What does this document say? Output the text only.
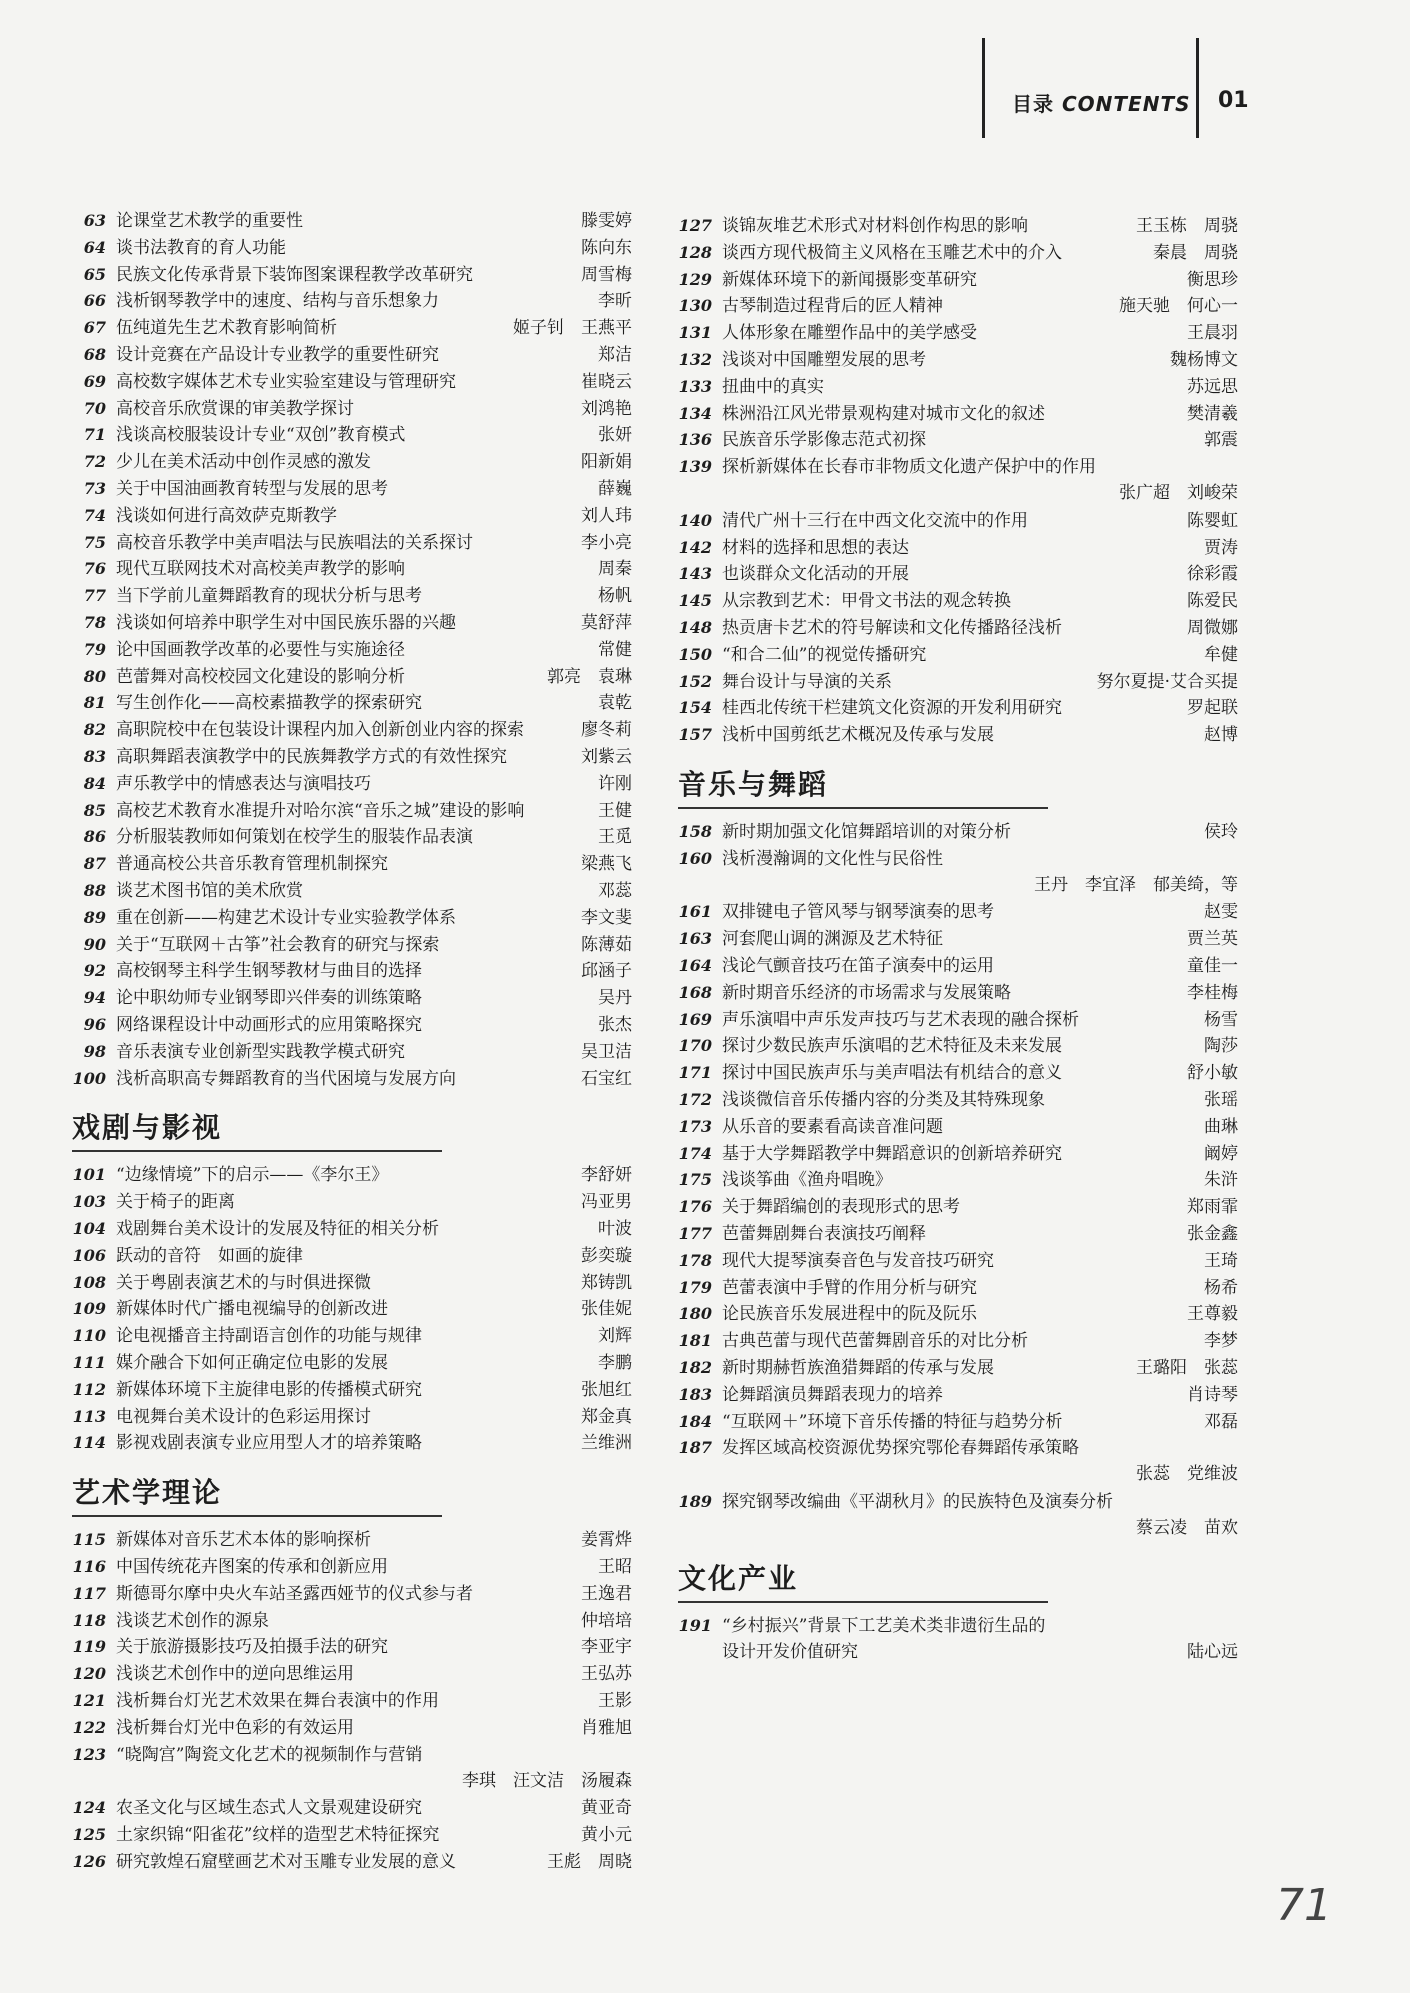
目录 CONTENTS 01
63 论课堂艺术教学的重要性	滕雯婷
64 谈书法教育的育人功能	陈向东
65 民族文化传承背景下装饰图案课程教学改革研究	周雪梅
66 浅析钢琴教学中的速度、结构与音乐想象力	李昕
67 伍纯道先生艺术教育影响简析	姬子钊　王燕平
68 设计竞赛在产品设计专业教学的重要性研究	郑洁
69 高校数字媒体艺术专业实验室建设与管理研究	崔晓云
70 高校音乐欣赏课的审美教学探讨	刘鸿艳
71 浅谈高校服装设计专业“双创”教育模式	张妍
72 少儿在美术活动中创作灵感的激发	阳新娟
73 关于中国油画教育转型与发展的思考	薛巍
74 浅谈如何进行高效萨克斯教学	刘人玮
75 高校音乐教学中美声唱法与民族唱法的关系探讨	李小亮
76 现代互联网技术对高校美声教学的影响	周秦
77 当下学前儿童舞蹈教育的现状分析与思考	杨帆
78 浅谈如何培养中职学生对中国民族乐器的兴趣	莫舒萍
79 论中国画教学改革的必要性与实施途径	常健
80 芭蕾舞对高校校园文化建设的影响分析	郭亮　袁琳
81 写生创作化——高校素描教学的探索研究	袁乾
82 高职院校中在包装设计课程内加入创新创业内容的探索	廖冬莉
83 高职舞蹈表演教学中的民族舞教学方式的有效性探究	刘紫云
84 声乐教学中的情感表达与演唱技巧	许刚
85 高校艺术教育水准提升对哈尔滨“音乐之城”建设的影响	王健
86 分析服装教师如何策划在校学生的服装作品表演	王觅
87 普通高校公共音乐教育管理机制探究	梁燕飞
88 谈艺术图书馆的美术欣赏	邓蕊
89 重在创新——构建艺术设计专业实验教学体系	李文斐
90 关于“互联网＋古筝”社会教育的研究与探索	陈薄茹
92 高校钢琴主科学生钢琴教材与曲目的选择	邱涵子
94 论中职幼师专业钢琴即兴伴奏的训练策略	吴丹
96 网络课程设计中动画形式的应用策略探究	张杰
98 音乐表演专业创新型实践教学模式研究	吴卫洁
100 浅析高职高专舞蹈教育的当代困境与发展方向	石宝红
戏剧与影视
101 “边缘情境”下的启示——《李尔王》	李舒妍
103 关于椅子的距离	冯亚男
104 戏剧舞台美术设计的发展及特征的相关分析	叶波
106 跃动的音符　如画的旋律	彭奕璇
108 关于粤剧表演艺术的与时俱进探微	郑铸凯
109 新媒体时代广播电视编导的创新改进	张佳妮
110 论电视播音主持副语言创作的功能与规律	刘辉
111 媒介融合下如何正确定位电影的发展	李鹏
112 新媒体环境下主旋律电影的传播模式研究	张旭红
113 电视舞台美术设计的色彩运用探讨	郑金真
114 影视戏剧表演专业应用型人才的培养策略	兰维洲
艺术学理论
115 新媒体对音乐艺术本体的影响探析	姜霄烨
116 中国传统花卉图案的传承和创新应用	王昭
117 斯德哥尔摩中央火车站圣露西娅节的仪式参与者	王逸君
118 浅谈艺术创作的源泉	仲培培
119 关于旅游摄影技巧及拍摄手法的研究	李亚宇
120 浅谈艺术创作中的逆向思维运用	王弘苏
121 浅析舞台灯光艺术效果在舞台表演中的作用	王影
122 浅析舞台灯光中色彩的有效运用	肖雅旭
123 “晓陶宫”陶瓷文化艺术的视频制作与营销
李琪　汪文洁　汤履森
124 农圣文化与区域生态式人文景观建设研究	黄亚奇
125 土家织锦“阳雀花”纹样的造型艺术特征探究	黄小元
126 研究敦煌石窟壁画艺术对玉雕专业发展的意义	王彪　周晓
127 谈锦灰堆艺术形式对材料创作构思的影响	王玉栋　周骁
128 谈西方现代极简主义风格在玉雕艺术中的介入	秦晨　周骁
129 新媒体环境下的新闻摄影变革研究	衡思珍
130 古琴制造过程背后的匠人精神	施天驰　何心一
131 人体形象在雕塑作品中的美学感受	王晨羽
132 浅谈对中国雕塑发展的思考	魏杨博文
133 扭曲中的真实	苏远思
134 株洲沿江风光带景观构建对城市文化的叙述	樊清羲
136 民族音乐学影像志范式初探	郭震
139 探析新媒体在长春市非物质文化遗产保护中的作用
张广超　刘峻荣
140 清代广州十三行在中西文化交流中的作用	陈婴虹
142 材料的选择和思想的表达	贾涛
143 也谈群众文化活动的开展	徐彩霞
145 从宗教到艺术：甲骨文书法的观念转换	陈爱民
148 热贡唐卡艺术的符号解读和文化传播路径浅析	周微娜
150 “和合二仙”的视觉传播研究	牟健
152 舞台设计与导演的关系	努尔夏提·艾合买提
154 桂西北传统干栏建筑文化资源的开发利用研究	罗起联
157 浅析中国剪纸艺术概况及传承与发展	赵博
音乐与舞蹈
158 新时期加强文化馆舞蹈培训的对策分析	侯玲
160 浅析漫瀚调的文化性与民俗性
王丹　李宜泽　郁美绮，等
161 双排键电子管风琴与钢琴演奏的思考	赵雯
163 河套爬山调的渊源及艺术特征	贾兰英
164 浅论气颤音技巧在笛子演奏中的运用	童佳一
168 新时期音乐经济的市场需求与发展策略	李桂梅
169 声乐演唱中声乐发声技巧与艺术表现的融合探析	杨雪
170 探讨少数民族声乐演唱的艺术特征及未来发展	陶莎
171 探讨中国民族声乐与美声唱法有机结合的意义	舒小敏
172 浅谈微信音乐传播内容的分类及其特殊现象	张瑶
173 从乐音的要素看高读音准问题	曲琳
174 基于大学舞蹈教学中舞蹈意识的创新培养研究	阚婷
175 浅谈筝曲《渔舟唱晚》	朱浒
176 关于舞蹈编创的表现形式的思考	郑雨霏
177 芭蕾舞剧舞台表演技巧阐释	张金鑫
178 现代大提琴演奏音色与发音技巧研究	王琦
179 芭蕾表演中手臂的作用分析与研究	杨希
180 论民族音乐发展进程中的阮及阮乐	王尊毅
181 古典芭蕾与现代芭蕾舞剧音乐的对比分析	李梦
182 新时期赫哲族渔猎舞蹈的传承与发展	王璐阳　张蕊
183 论舞蹈演员舞蹈表现力的培养	肖诗琴
184 “互联网＋”环境下音乐传播的特征与趋势分析	邓磊
187 发挥区域高校资源优势探究鄂伦春舞蹈传承策略
张蕊　党维波
189 探究钢琴改编曲《平湖秋月》的民族特色及演奏分析
蔡云凌　苗欢
文化产业
191 “乡村振兴”背景下工艺美术类非遗衍生品的
设计开发价值研究	陆心远
71
